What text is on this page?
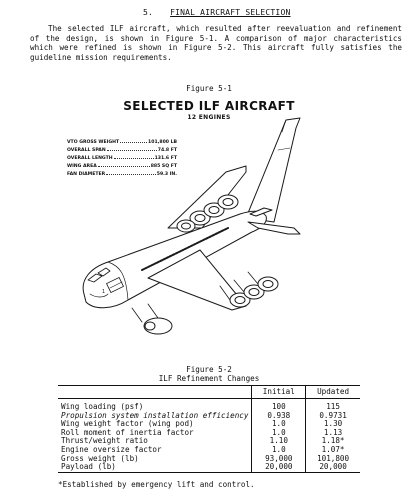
5. FINAL AIRCRAFT SELECTION
The selected ILF aircraft, which resulted after reevaluation and refinement of the design, is shown in Figure 5-1. A comparison of major characteristics which were refined is shown in Figure 5-2. This aircraft fully satisfies the guideline mission requirements.
Figure 5-1
SELECTED ILF AIRCRAFT
12 ENGINES
1
VTO GROSS WEIGHT	101,800 LB
OVERALL SPAN	74.8 FT
OVERALL LENGTH	131.6 FT
WING AREA	885 SQ FT
FAN DIAMETER	59.3 IN.
Figure 5-2
ILF Refinement Changes
	Initial	Updated
Wing loading (psf)	100	115
Propulsion system installation efficiency	0.938	0.9731
Wing weight factor (wing pod)	1.0	1.30
Roll moment of inertia factor	1.0	1.13
Thrust/weight ratio	1.10	1.18*
Engine oversize factor	1.0	1.07*
Gross weight (lb)	93,000	101,800
Payload (lb)	20,000	20,000
*Established by emergency lift and control.
